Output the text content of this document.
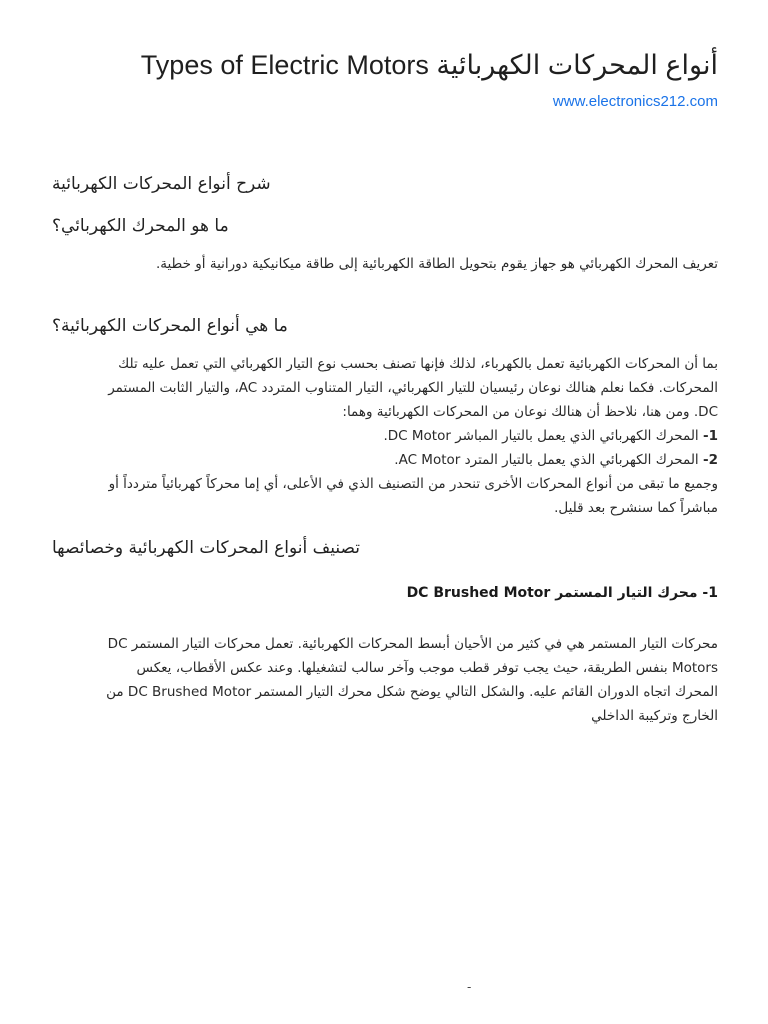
Types of Electric Motors أنواع المحركات الكهربائية
www.electronics212.com
شرح أنواع المحركات الكهربائية
ما هو المحرك الكهربائي؟

تعريف المحرك الكهربائي هو جهاز يقوم بتحويل الطاقة الكهربائية إلى طاقة ميكانيكية دورانية أو خطية.

ما هي أنواع المحركات الكهربائية؟
بما أن المحركات الكهربائية تعمل بالكهرباء، لذلك فإنها تصنف بحسب نوع التيار الكهربائي التي تعمل عليه تلك
المحركات. فكما نعلم هنالك نوعان رئيسيان للتيار الكهربائي، التيار المتناوب المتردد AC، والتيار الثابت المستمر
DC. ومن هنا، نلاحظ أن هنالك نوعان من المحركات الكهربائية وهما:
1- المحرك الكهربائي الذي يعمل بالتيار المباشر DC Motor.
2- المحرك الكهربائي الذي يعمل بالتيار المترد AC Motor.
وجميع ما تبقى من أنواع المحركات الأخرى تنحدر من التصنيف الذي في الأعلى، أي إما محركاً كهربائياً متردداً أو
مباشراً كما سنشرح بعد قليل.
تصنيف أنواع المحركات الكهربائية وخصائصها
1- محرك التيار المستمر DC Brushed Motor
محركات التيار المستمر هي في كثير من الأحيان أبسط المحركات الكهربائية. تعمل محركات التيار المستمر DC
Motors بنفس الطريقة، حيث يجب توفر قطب موجب وآخر سالب لتشغيلها. وعند عكس الأقطاب، يعكس
المحرك اتجاه الدوران القائم عليه. والشكل التالي يوضح شكل محرك التيار المستمر DC Brushed Motor من
الخارج وتركيبة الداخلي
-
